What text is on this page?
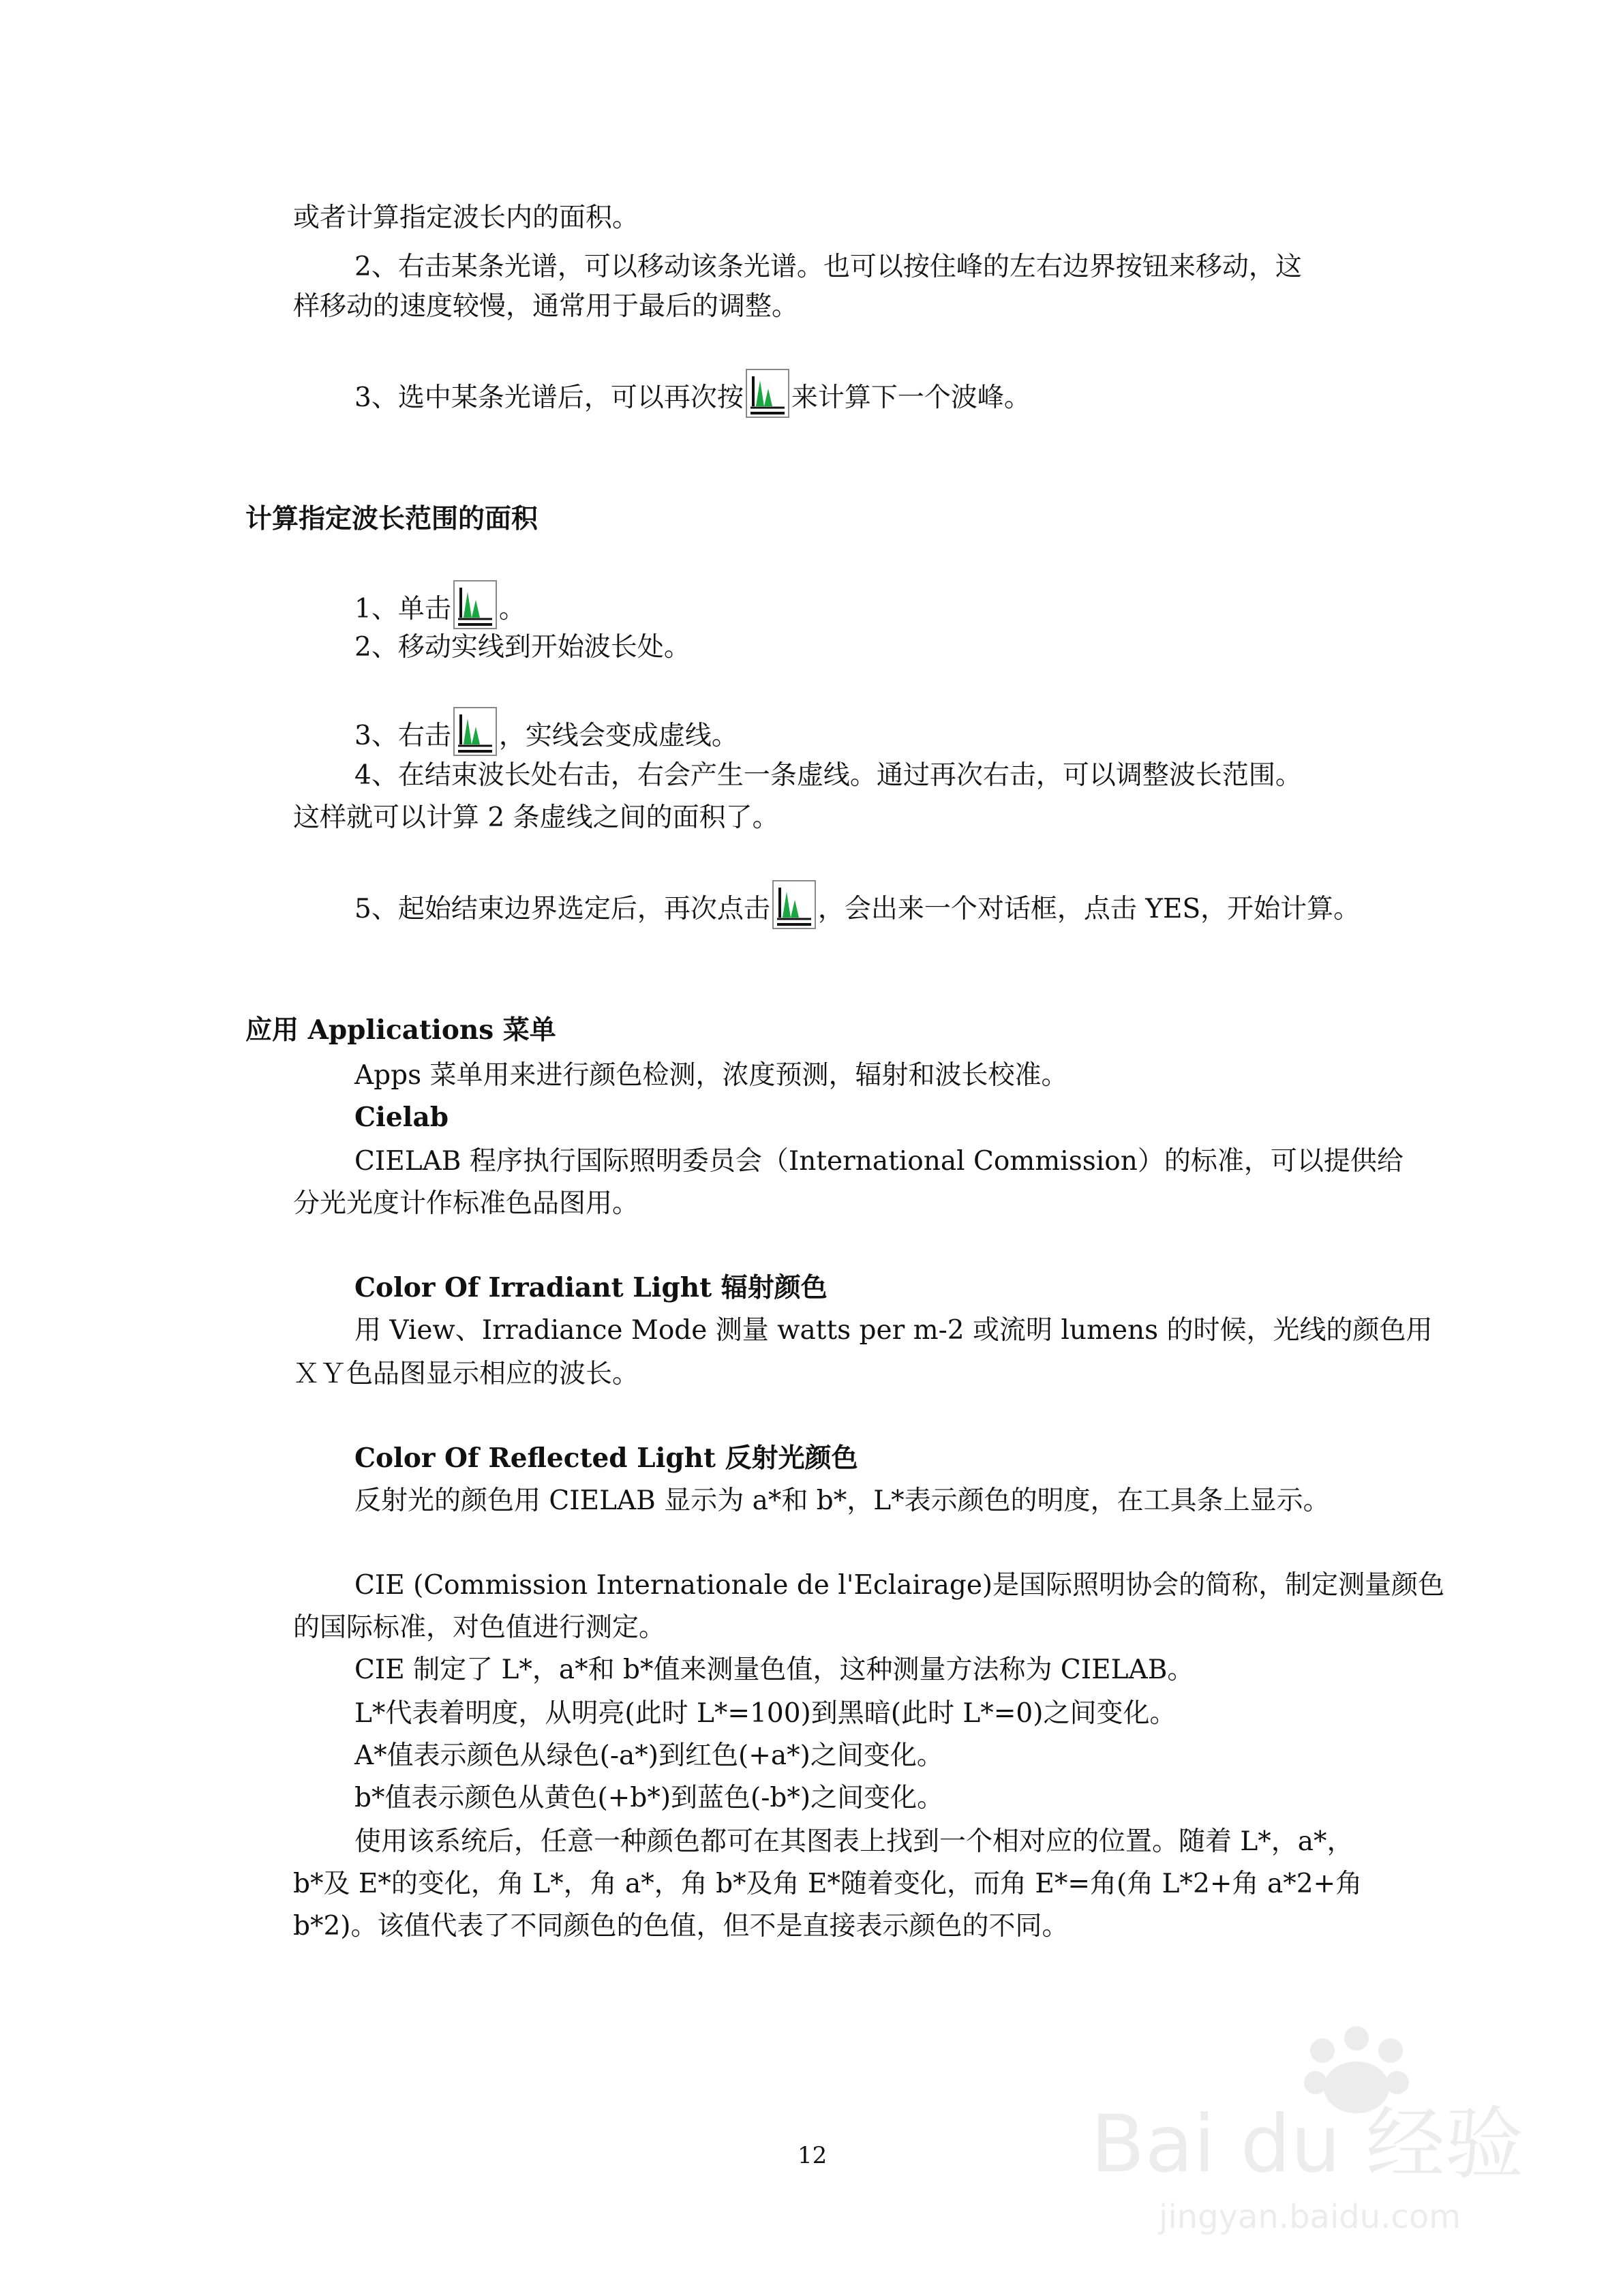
或者计算指定波长内的面积。
2、右击某条光谱，可以移动该条光谱。也可以按住峰的左右边界按钮来移动，这
样移动的速度较慢，通常用于最后的调整。
3、选中某条光谱后，可以再次按 来计算下一个波峰。
计算指定波长范围的面积
1、单击 。
2、移动实线到开始波长处。
3、右击 ，实线会变成虚线。
4、在结束波长处右击，右会产生一条虚线。通过再次右击，可以调整波长范围。
这样就可以计算 2 条虚线之间的面积了。
5、起始结束边界选定后，再次点击 ，会出来一个对话框，点击 YES，开始计算。
应用 Applications 菜单
Apps 菜单用来进行颜色检测，浓度预测，辐射和波长校准。
Cielab
CIELAB 程序执行国际照明委员会（International Commission）的标准，可以提供给
分光光度计作标准色品图用。
Color Of Irradiant Light 辐射颜色
用 View、Irradiance Mode 测量 watts per m-2 或流明 lumens 的时候，光线的颜色用
ＸＹ色品图显示相应的波长。
Color Of Reflected Light 反射光颜色
反射光的颜色用 CIELAB 显示为 a*和 b*，L*表示颜色的明度，在工具条上显示。
CIE (Commission Internationale de l'Eclairage)是国际照明协会的简称，制定测量颜色
的国际标准，对色值进行测定。
CIE 制定了 L*，a*和 b*值来测量色值，这种测量方法称为 CIELAB。
L*代表着明度，从明亮(此时 L*=100)到黑暗(此时 L*=0)之间变化。
A*值表示颜色从绿色(-a*)到红色(+a*)之间变化。
b*值表示颜色从黄色(+b*)到蓝色(-b*)之间变化。
使用该系统后，任意一种颜色都可在其图表上找到一个相对应的位置。随着 L*，a*，
b*及 E*的变化，角 L*，角 a*，角 b*及角 E*随着变化，而角 E*=角(角 L*2+角 a*2+角
b*2)。该值代表了不同颜色的色值，但不是直接表示颜色的不同。
12	Bai du 经验
jingyan.baidu.com
